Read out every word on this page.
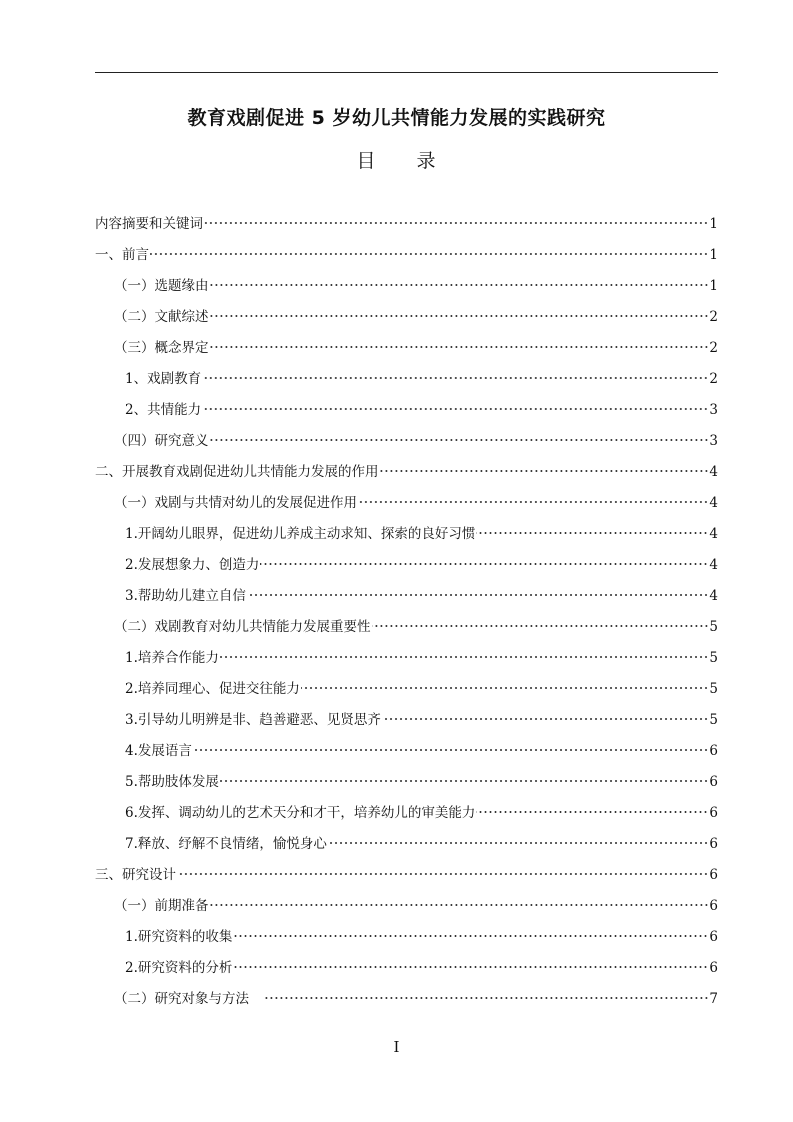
教育戏剧促进 5 岁幼儿共情能力发展的实践研究
目　　录
内容摘要和关键词	1
一、前言	1
（一）选题缘由	1
（二）文献综述	2
（三）概念界定	2
1、戏剧教育	2
2、共情能力	3
（四）研究意义	3
二、开展教育戏剧促进幼儿共情能力发展的作用	4
（一）戏剧与共情对幼儿的发展促进作用	4
1.开阔幼儿眼界，促进幼儿养成主动求知、探索的良好习惯	4
2.发展想象力、创造力	4
3.帮助幼儿建立自信	4
（二）戏剧教育对幼儿共情能力发展重要性	5
1.培养合作能力	5
2.培养同理心、促进交往能力	5
3.引导幼儿明辨是非、趋善避恶、见贤思齐	5
4.发展语言	6
5.帮助肢体发展	6
6.发挥、调动幼儿的艺术天分和才干，培养幼儿的审美能力	6
7.释放、纾解不良情绪，愉悦身心	6
三、研究设计	6
（一）前期准备	6
1.研究资料的收集	6
2.研究资料的分析	6
（二）研究对象与方法　	7
I
